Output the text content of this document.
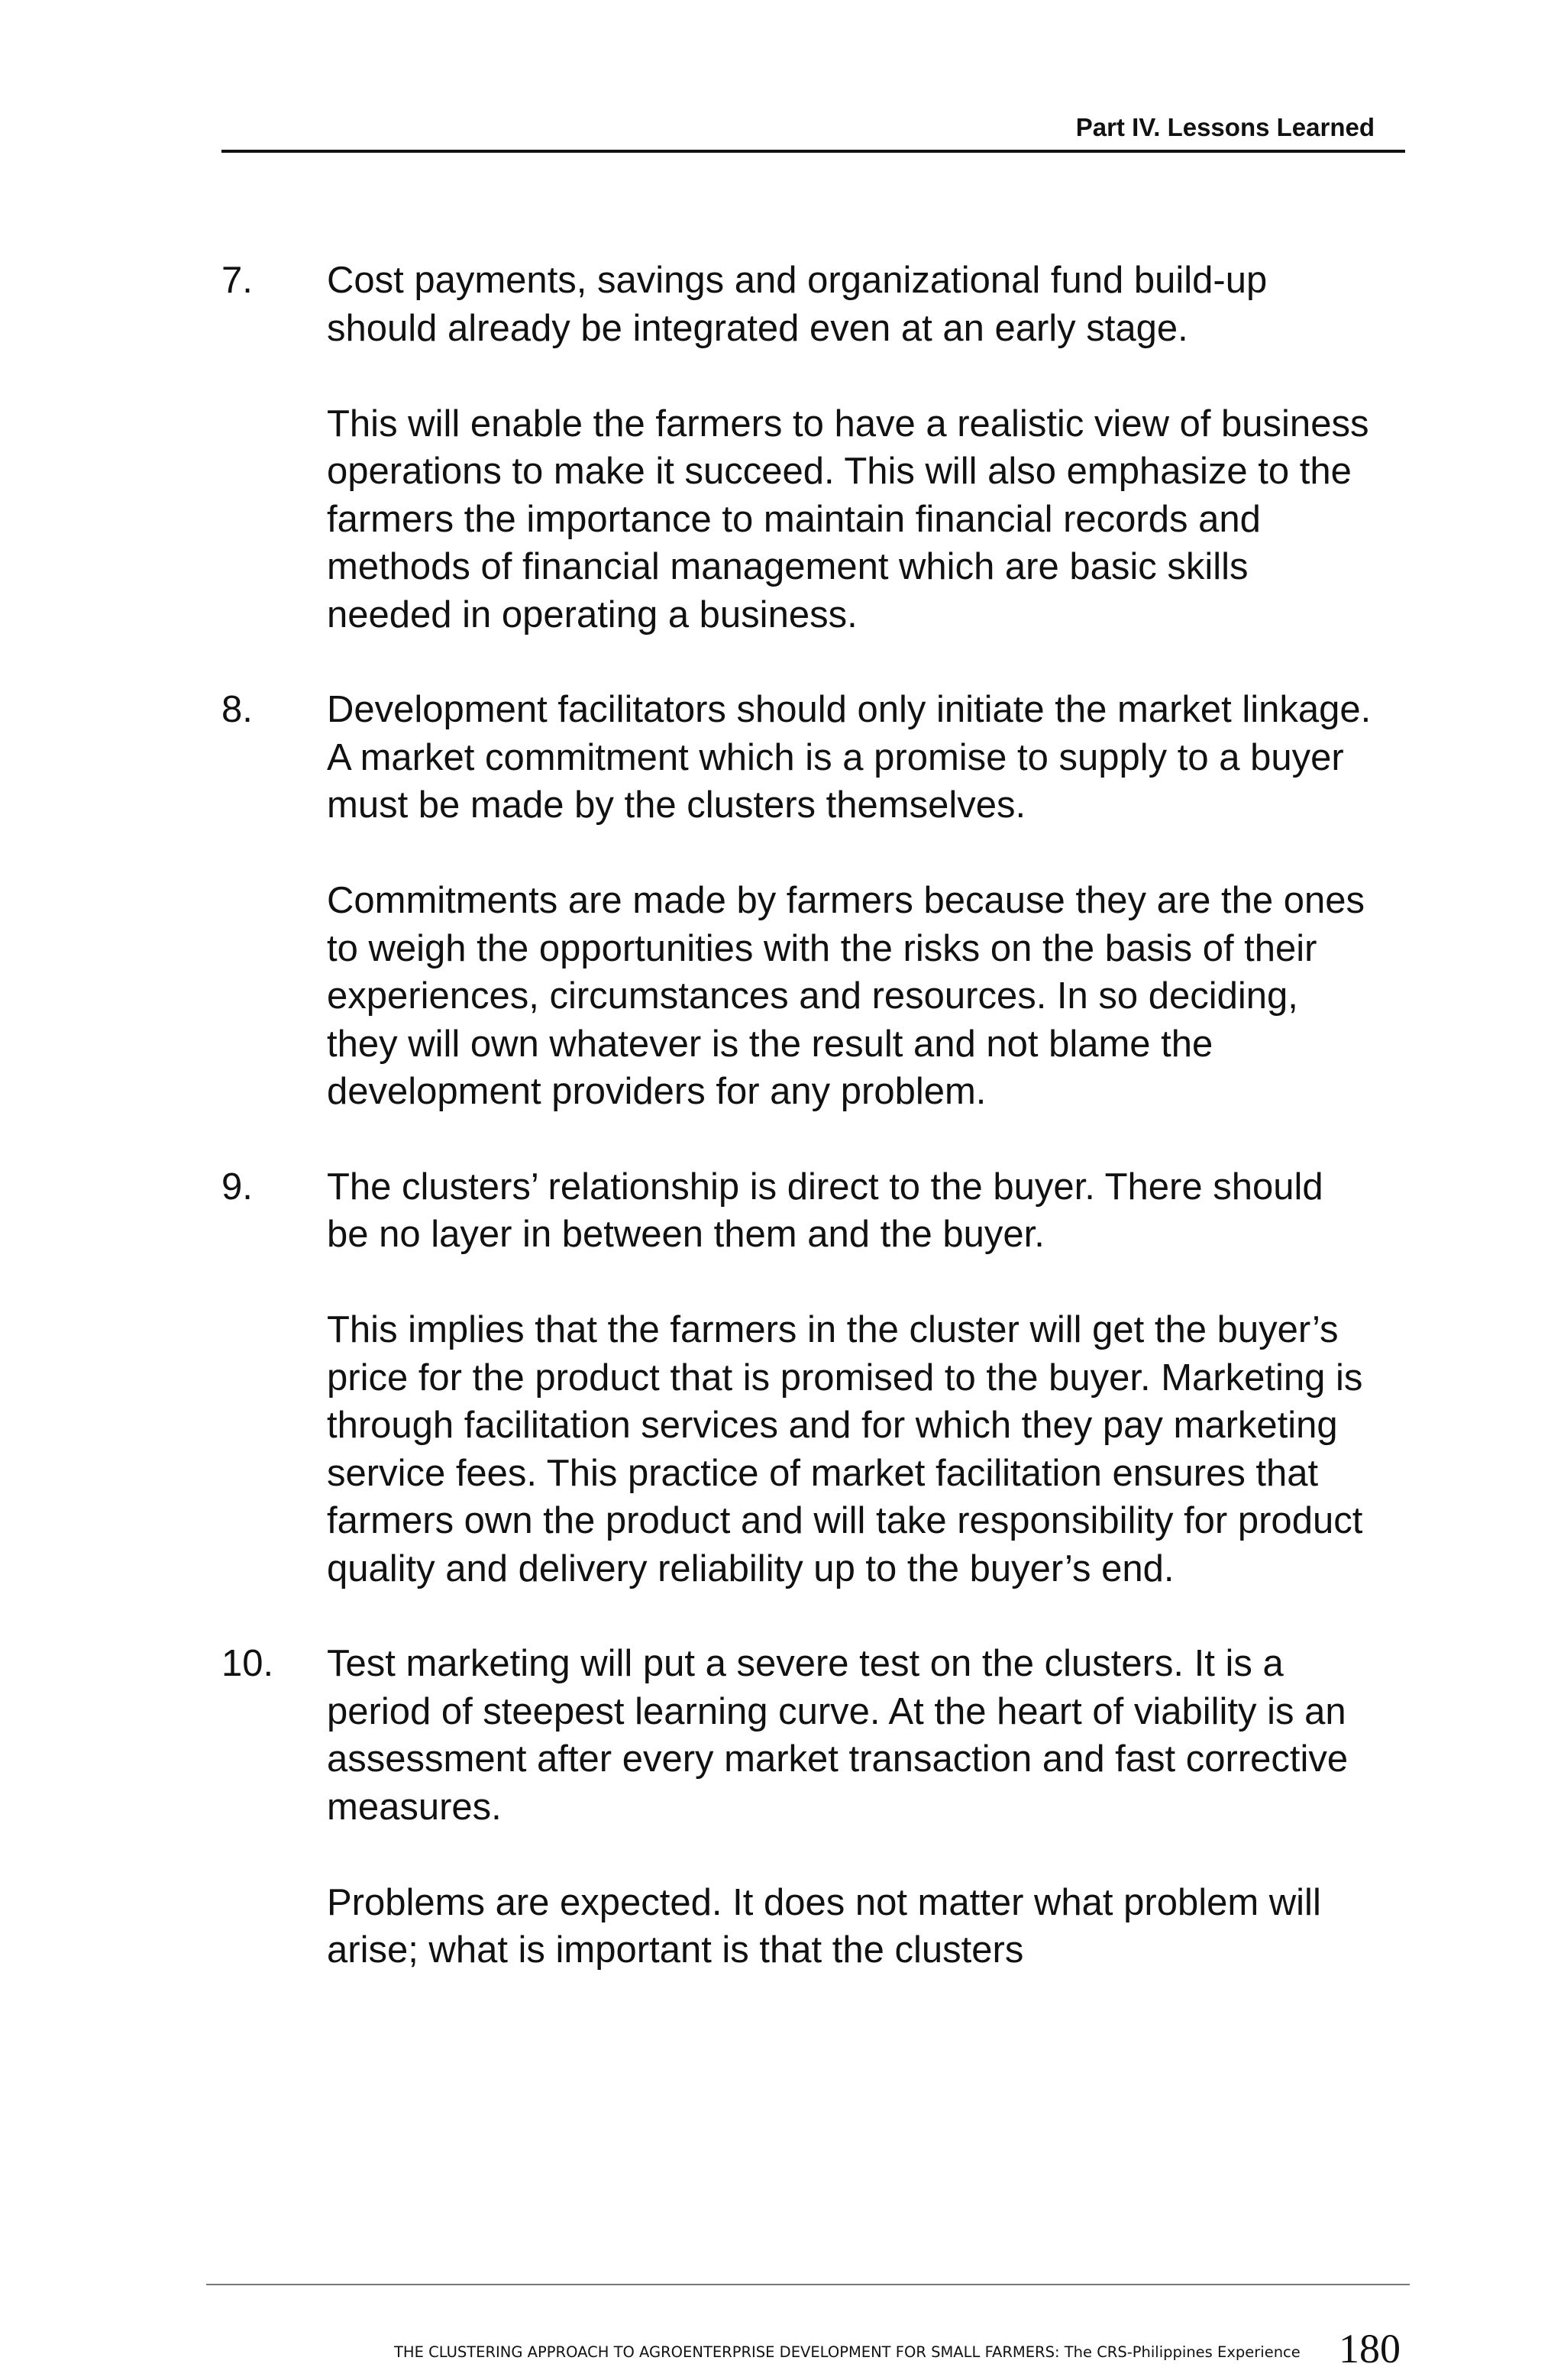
Part IV. Lessons Learned
7.	Cost payments, savings and organizational fund build-up should already be integrated even at an early stage.

This will enable the farmers to have a realistic view of business operations to make it succeed. This will also emphasize to the farmers the importance to maintain financial records and methods of financial management which are basic skills needed in operating a business.

8.	Development facilitators should only initiate the market linkage. A market commitment which is a promise to supply to a buyer must be made by the clusters themselves.

Commitments are made by farmers because they are the ones to weigh the opportunities with the risks on the basis of their experiences, circumstances and resources. In so deciding, they will own whatever is the result and not blame the development providers for any problem.

9.	The clusters’ relationship is direct to the buyer. There should be no layer in between them and the buyer.

This implies that the farmers in the cluster will get the buyer’s price for the product that is promised to the buyer. Marketing is through facilitation services and for which they pay marketing service fees. This practice of market facilitation ensures that farmers own the product and will take responsibility for product quality and delivery reliability up to the buyer’s end.

10.	Test marketing will put a severe test on the clusters. It is a period of steepest learning curve. At the heart of viability is an assessment after every market transaction and fast corrective measures.

Problems are expected. It does not matter what problem will arise; what is important is that the clusters

THE CLUSTERING APPROACH TO AGROENTERPRISE DEVELOPMENT FOR SMALL FARMERS: The CRS-Philippines Experience 180
